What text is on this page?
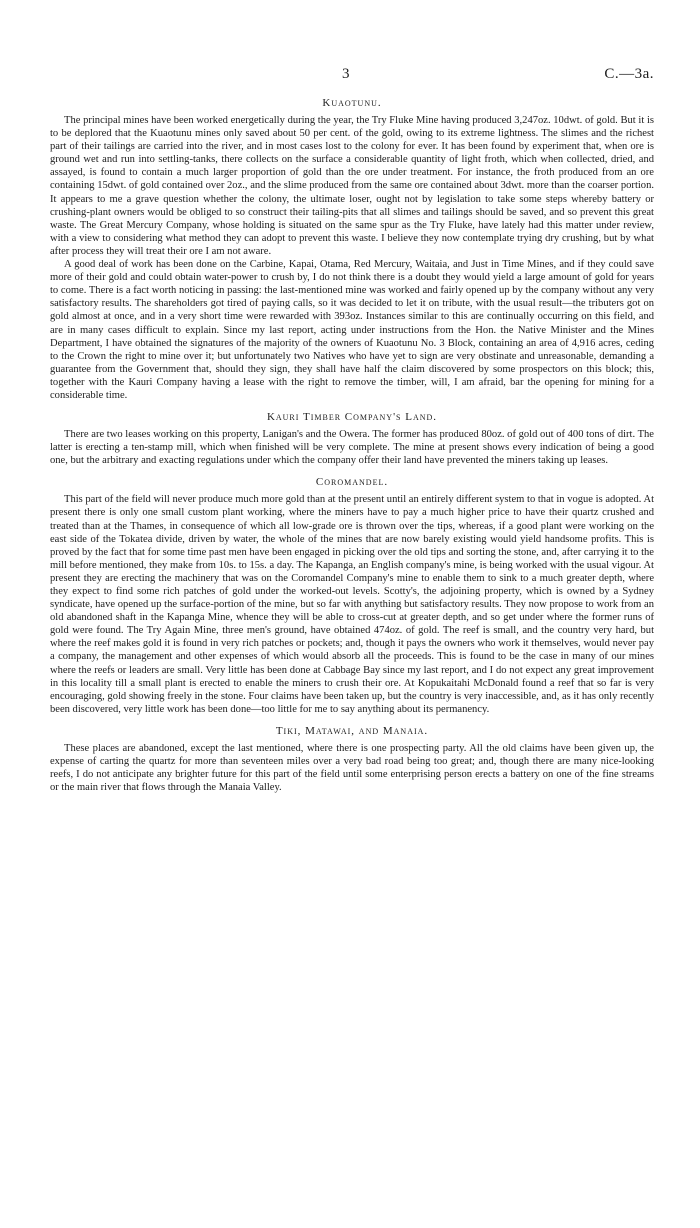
3	C.—3a.
Kuaotunu.

The principal mines have been worked energetically during the year, the Try Fluke Mine having produced 3,247oz. 10dwt. of gold. But it is to be deplored that the Kuaotunu mines only saved about 50 per cent. of the gold, owing to its extreme lightness. The slimes and the richest part of their tailings are carried into the river, and in most cases lost to the colony for ever. It has been found by experiment that, when ore is ground wet and run into settling-tanks, there collects on the surface a considerable quantity of light froth, which when collected, dried, and assayed, is found to contain a much larger proportion of gold than the ore under treatment. For instance, the froth produced from an ore containing 15dwt. of gold contained over 2oz., and the slime produced from the same ore contained about 3dwt. more than the coarser portion. It appears to me a grave question whether the colony, the ultimate loser, ought not by legislation to take some steps whereby battery or crushing-plant owners would be obliged to so construct their tailing-pits that all slimes and tailings should be saved, and so prevent this great waste. The Great Mercury Company, whose holding is situated on the same spur as the Try Fluke, have lately had this matter under review, with a view to considering what method they can adopt to prevent this waste. I believe they now contemplate trying dry crushing, but by what after process they will treat their ore I am not aware.

A good deal of work has been done on the Carbine, Kapai, Otama, Red Mercury, Waitaia, and Just in Time Mines, and if they could save more of their gold and could obtain water-power to crush by, I do not think there is a doubt they would yield a large amount of gold for years to come. There is a fact worth noticing in passing: the last-mentioned mine was worked and fairly opened up by the company without any very satisfactory results. The shareholders got tired of paying calls, so it was decided to let it on tribute, with the usual result—the tributers got on gold almost at once, and in a very short time were rewarded with 393oz. Instances similar to this are continually occurring on this field, and are in many cases difficult to explain. Since my last report, acting under instructions from the Hon. the Native Minister and the Mines Department, I have obtained the signatures of the majority of the owners of Kuaotunu No. 3 Block, containing an area of 4,916 acres, ceding to the Crown the right to mine over it; but unfortunately two Natives who have yet to sign are very obstinate and unreasonable, demanding a guarantee from the Government that, should they sign, they shall have half the claim discovered by some prospectors on this block; this, together with the Kauri Company having a lease with the right to remove the timber, will, I am afraid, bar the opening for mining for a considerable time.

Kauri Timber Company's Land.

There are two leases working on this property, Lanigan's and the Owera. The former has produced 80oz. of gold out of 400 tons of dirt. The latter is erecting a ten-stamp mill, which when finished will be very complete. The mine at present shows every indication of being a good one, but the arbitrary and exacting regulations under which the company offer their land have prevented the miners taking up leases.

Coromandel.

This part of the field will never produce much more gold than at the present until an entirely different system to that in vogue is adopted. At present there is only one small custom plant working, where the miners have to pay a much higher price to have their quartz crushed and treated than at the Thames, in consequence of which all low-grade ore is thrown over the tips, whereas, if a good plant were working on the east side of the Tokatea divide, driven by water, the whole of the mines that are now barely existing would yield handsome profits. This is proved by the fact that for some time past men have been engaged in picking over the old tips and sorting the stone, and, after carrying it to the mill before mentioned, they make from 10s. to 15s. a day. The Kapanga, an English company's mine, is being worked with the usual vigour. At present they are erecting the machinery that was on the Coromandel Company's mine to enable them to sink to a much greater depth, where they expect to find some rich patches of gold under the worked-out levels. Scotty's, the adjoining property, which is owned by a Sydney syndicate, have opened up the surface-portion of the mine, but so far with anything but satisfactory results. They now propose to work from an old abandoned shaft in the Kapanga Mine, whence they will be able to cross-cut at greater depth, and so get under where the former runs of gold were found. The Try Again Mine, three men's ground, have obtained 474oz. of gold. The reef is small, and the country very hard, but where the reef makes gold it is found in very rich patches or pockets; and, though it pays the owners who work it themselves, would never pay a company, the management and other expenses of which would absorb all the proceeds. This is found to be the case in many of our mines where the reefs or leaders are small. Very little has been done at Cabbage Bay since my last report, and I do not expect any great improvement in this locality till a small plant is erected to enable the miners to crush their ore. At Kopukaitahi McDonald found a reef that so far is very encouraging, gold showing freely in the stone. Four claims have been taken up, but the country is very inaccessible, and, as it has only recently been discovered, very little work has been done—too little for me to say anything about its permanency.

Tiki, Matawai, and Manaia.

These places are abandoned, except the last mentioned, where there is one prospecting party. All the old claims have been given up, the expense of carting the quartz for more than seventeen miles over a very bad road being too great; and, though there are many nice-looking reefs, I do not anticipate any brighter future for this part of the field until some enterprising person erects a battery on one of the fine streams or the main river that flows through the Manaia Valley.
